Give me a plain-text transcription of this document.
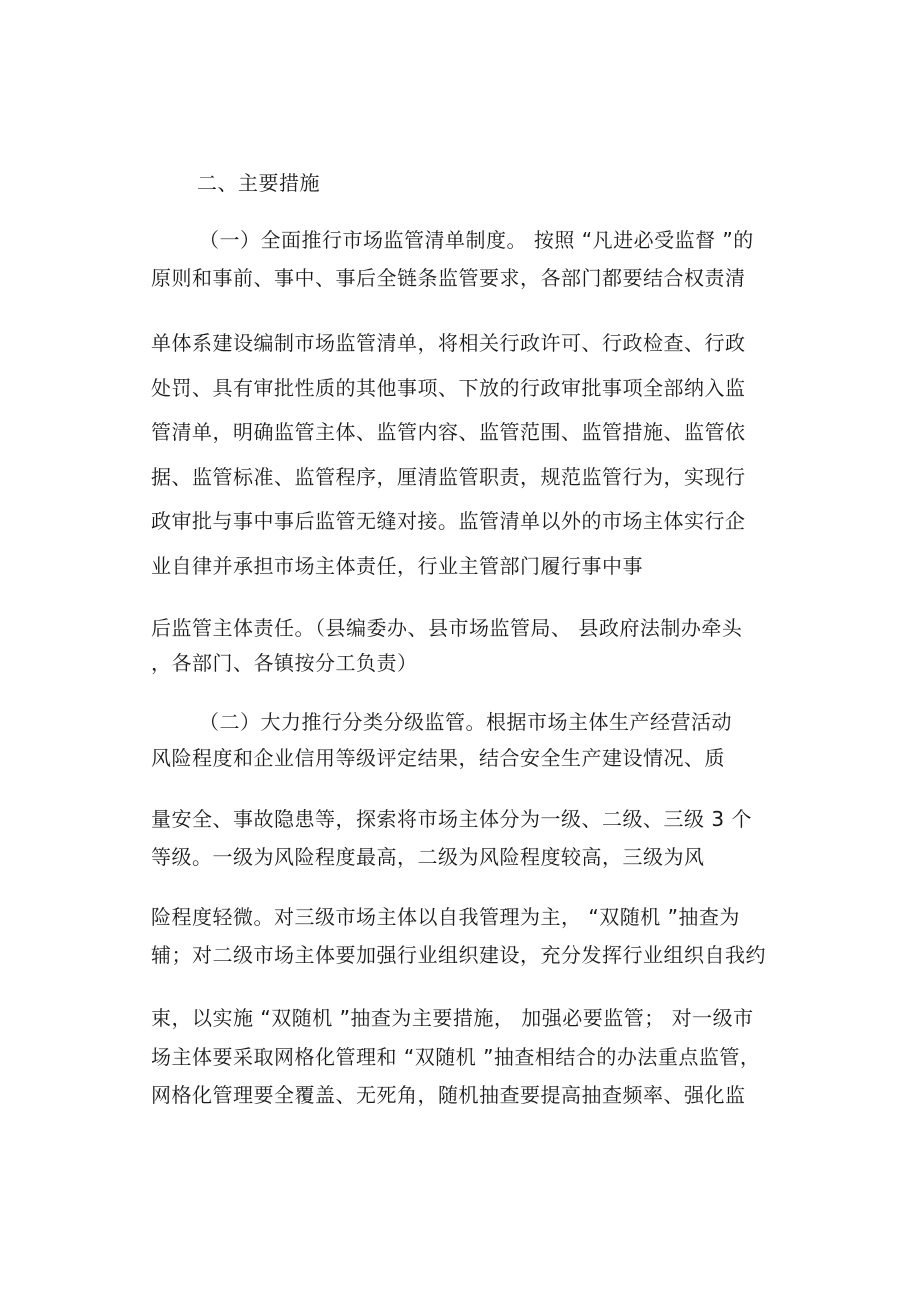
二、主要措施
（一）全面推行市场监管清单制度。 按照 “凡进必受监督 ”的
原则和事前、事中、事后全链条监管要求，各部门都要结合权责清
单体系建设编制市场监管清单，将相关行政许可、行政检查、行政
处罚、具有审批性质的其他事项、下放的行政审批事项全部纳入监
管清单，明确监管主体、监管内容、监管范围、监管措施、监管依
据、监管标准、监管程序，厘清监管职责，规范监管行为，实现行
政审批与事中事后监管无缝对接。监管清单以外的市场主体实行企
业自律并承担市场主体责任，行业主管部门履行事中事
后监管主体责任。（县编委办、县市场监管局、 县政府法制办牵头
，各部门、各镇按分工负责）
（二）大力推行分类分级监管。根据市场主体生产经营活动
风险程度和企业信用等级评定结果，结合安全生产建设情况、质
量安全、事故隐患等，探索将市场主体分为一级、二级、三级 3 个
等级。一级为风险程度最高，二级为风险程度较高，三级为风
险程度轻微。对三级市场主体以自我管理为主， “双随机 ”抽查为
辅；对二级市场主体要加强行业组织建设，充分发挥行业组织自我约
束，以实施 “双随机 ”抽查为主要措施， 加强必要监管； 对一级市
场主体要采取网格化管理和 “双随机 ”抽查相结合的办法重点监管，
网格化管理要全覆盖、无死角，随机抽查要提高抽查频率、强化监
